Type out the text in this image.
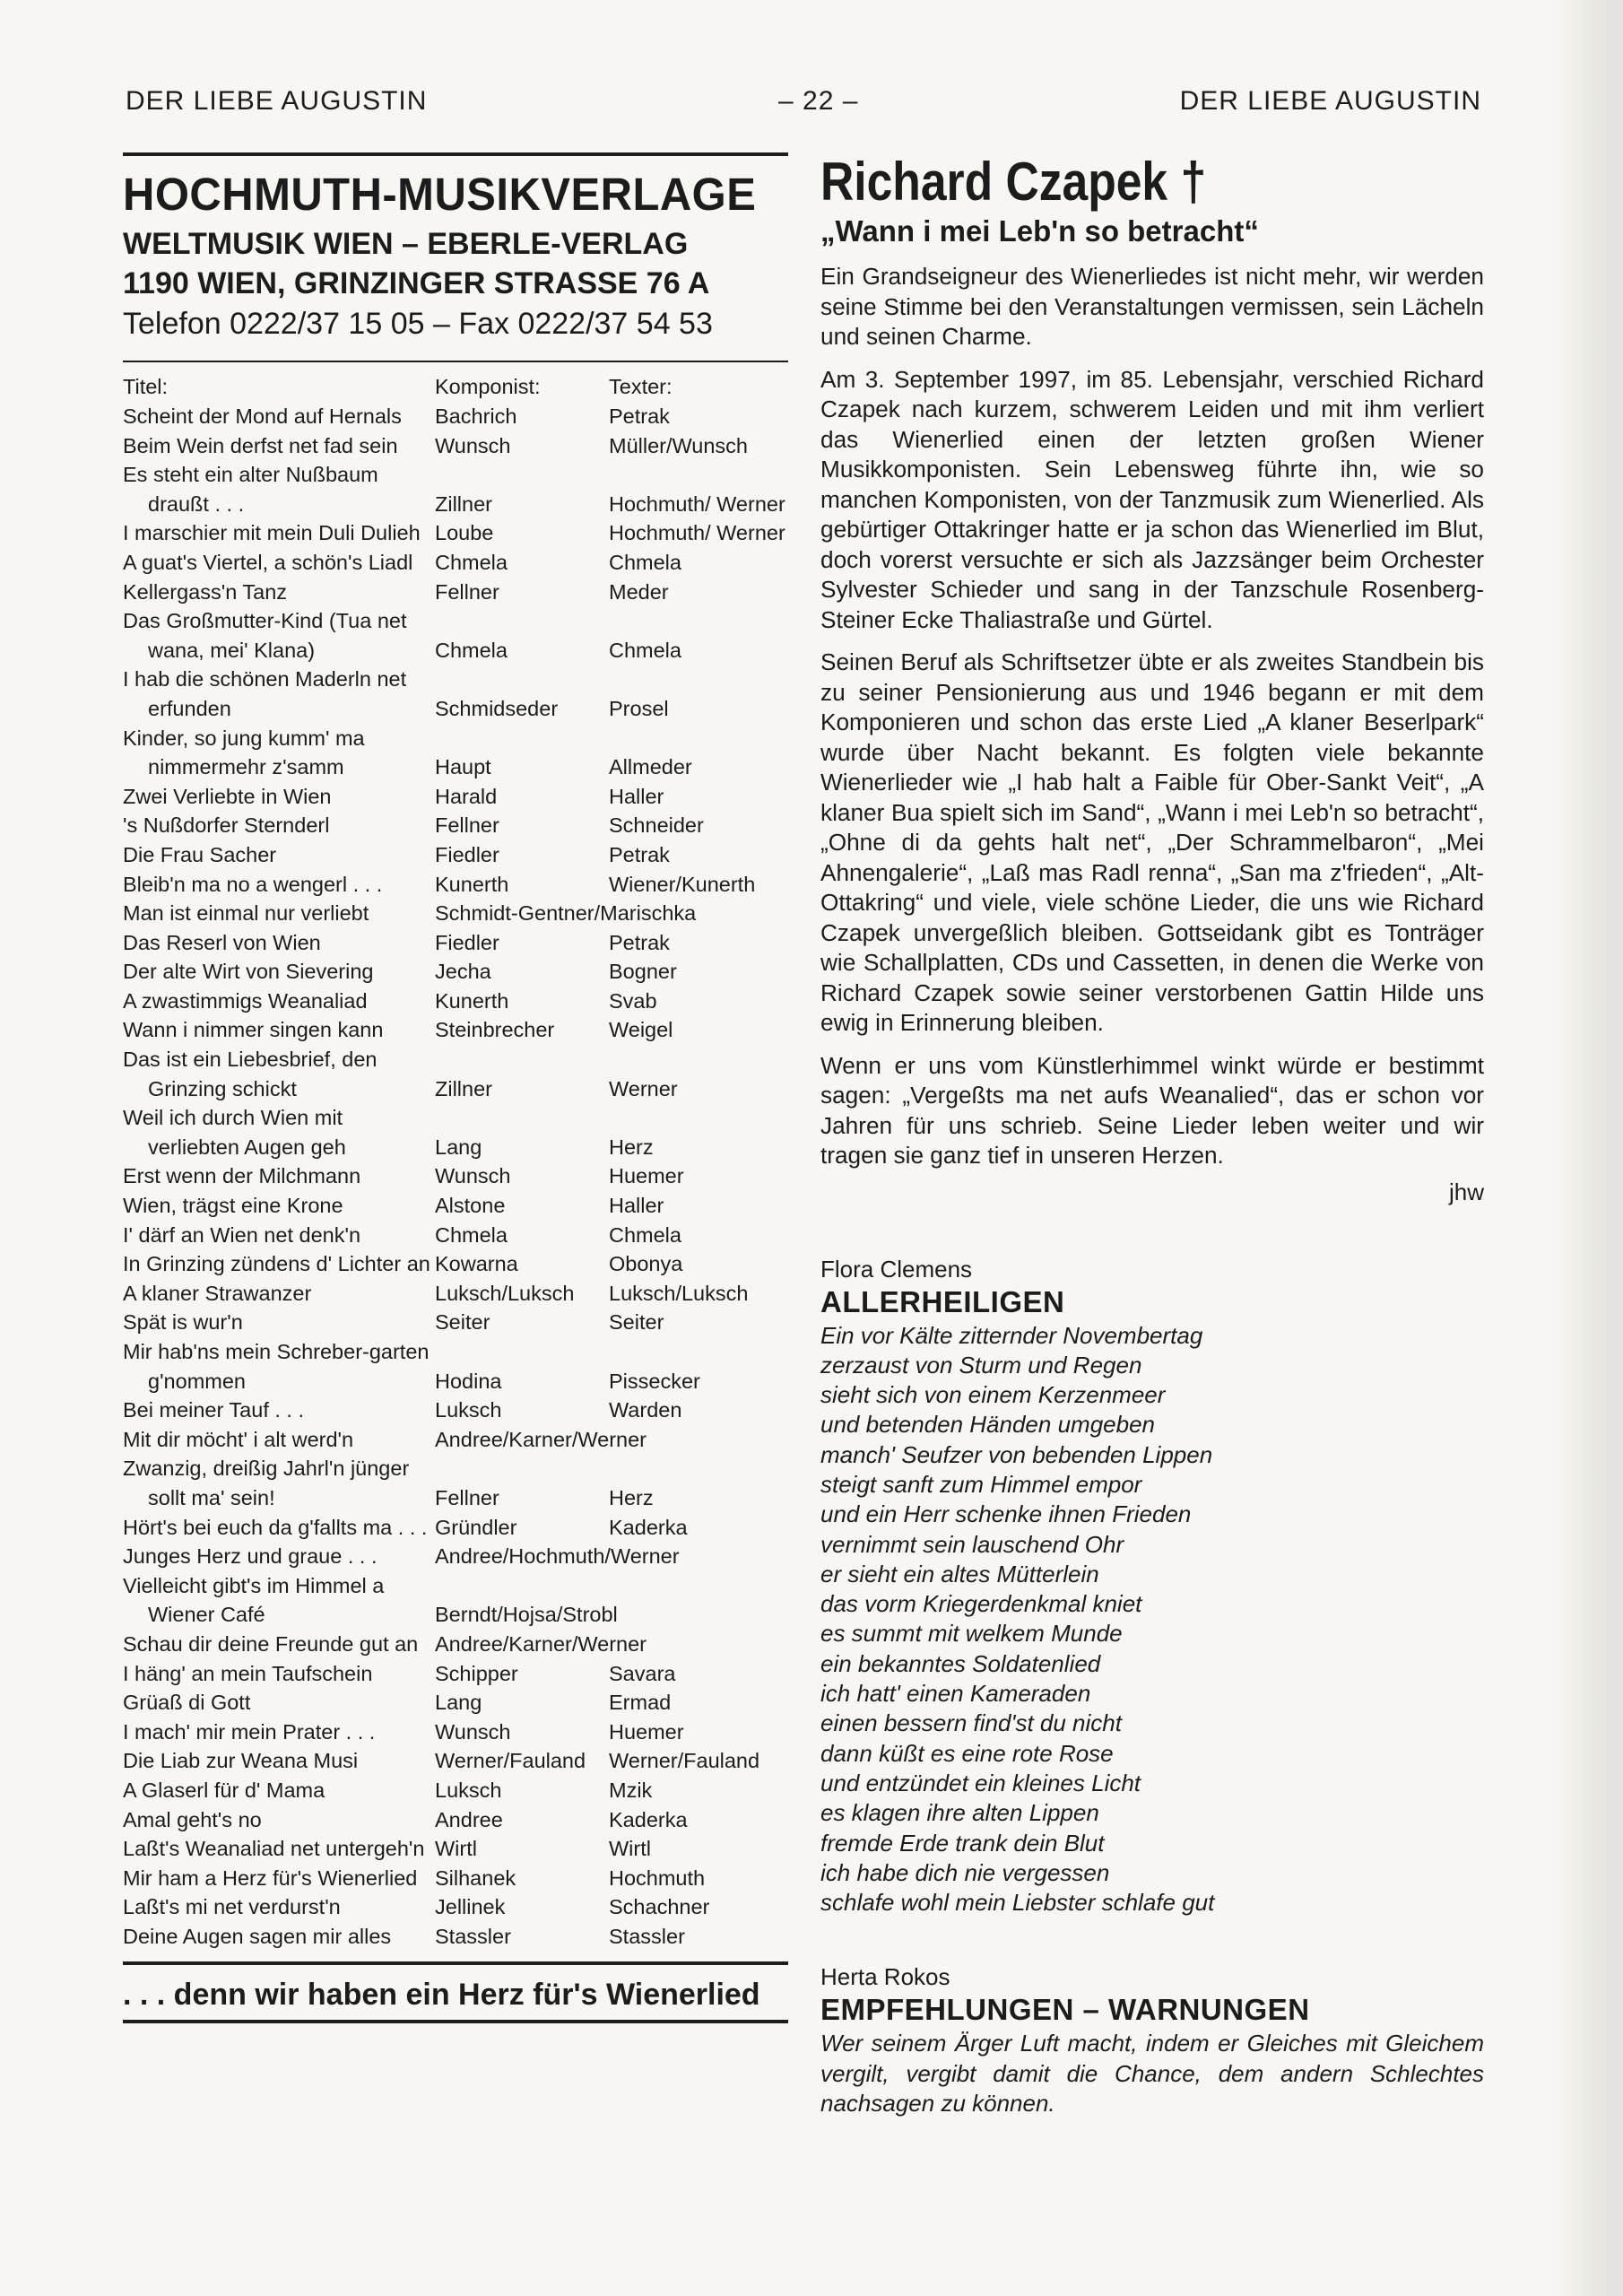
DER LIEBE AUGUSTIN	– 22 –	DER LIEBE AUGUSTIN
HOCHMUTH-MUSIKVERLAGE
WELTMUSIK WIEN – EBERLE-VERLAG
1190 WIEN, GRINZINGER STRASSE 76 A
Telefon 0222/37 15 05 – Fax 0222/37 54 53
Titel:	Komponist:	Texter:

Scheint der Mond auf Hernals	Bachrich	Petrak

Beim Wein derfst net fad sein	Wunsch	Müller/Wunsch

Es steht ein alter Nußbaum draußt . . .	Zillner	Hochmuth/ Werner

I marschier mit mein Duli Dulieh	Loube	Hochmuth/ Werner

A guat's Viertel, a schön's Liadl	Chmela	Chmela

Kellergass'n Tanz	Fellner	Meder

Das Großmutter-Kind (Tua net wana, mei' Klana)	Chmela	Chmela

I hab die schönen Maderln net erfunden	Schmidseder	Prosel

Kinder, so jung kumm' ma nimmermehr z'samm	Haupt	Allmeder

Zwei Verliebte in Wien	Harald	Haller

's Nußdorfer Sternderl	Fellner	Schneider

Die Frau Sacher	Fiedler	Petrak

Bleib'n ma no a wengerl . . .	Kunerth	Wiener/Kunerth

Man ist einmal nur verliebt	Schmidt-Gentner/Marischka	

Das Reserl von Wien	Fiedler	Petrak

Der alte Wirt von Sievering	Jecha	Bogner

A zwastimmigs Weanaliad	Kunerth	Svab

Wann i nimmer singen kann	Steinbrecher	Weigel

Das ist ein Liebesbrief, den Grinzing schickt	Zillner	Werner

Weil ich durch Wien mit verliebten Augen geh	Lang	Herz

Erst wenn der Milchmann	Wunsch	Huemer

Wien, trägst eine Krone	Alstone	Haller

I' därf an Wien net denk'n	Chmela	Chmela

In Grinzing zündens d' Lichter an	Kowarna	Obonya

A klaner Strawanzer	Luksch/Luksch	Luksch/Luksch

Spät is wur'n	Seiter	Seiter

Mir hab'ns mein Schreber-garten g'nommen	Hodina	Pissecker

Bei meiner Tauf . . .	Luksch	Warden

Mit dir möcht' i alt werd'n	Andree/Karner/Werner	

Zwanzig, dreißig Jahrl'n jünger sollt ma' sein!	Fellner	Herz

Hört's bei euch da g'fallts ma . . .	Gründler	Kaderka

Junges Herz und graue . . .	Andree/Hochmuth/Werner	

Vielleicht gibt's im Himmel a Wiener Café	Berndt/Hojsa/Strobl	

Schau dir deine Freunde gut an	Andree/Karner/Werner	

I häng' an mein Taufschein	Schipper	Savara

Grüaß di Gott	Lang	Ermad

I mach' mir mein Prater . . .	Wunsch	Huemer

Die Liab zur Weana Musi	Werner/Fauland	Werner/Fauland

A Glaserl für d' Mama	Luksch	Mzik

Amal geht's no	Andree	Kaderka

Laßt's Weanaliad net untergeh'n	Wirtl	Wirtl

Mir ham a Herz für's Wienerlied	Silhanek	Hochmuth

Laßt's mi net verdurst'n	Jellinek	Schachner

Deine Augen sagen mir alles	Stassler	Stassler
. . . denn wir haben ein Herz für's Wienerlied
Richard Czapek †
„Wann i mei Leb'n so betracht“

Ein Grandseigneur des Wienerliedes ist nicht mehr, wir werden seine Stimme bei den Veranstaltungen vermissen, sein Lächeln und seinen Charme.

Am 3. September 1997, im 85. Lebensjahr, verschied Richard Czapek nach kurzem, schwerem Leiden und mit ihm verliert das Wienerlied einen der letzten großen Wiener Musikkomponisten. Sein Lebensweg führte ihn, wie so manchen Komponisten, von der Tanzmusik zum Wienerlied. Als gebürtiger Ottakringer hatte er ja schon das Wienerlied im Blut, doch vorerst versuchte er sich als Jazzsänger beim Orchester Sylvester Schieder und sang in der Tanzschule Rosenberg-Steiner Ecke Thaliastraße und Gürtel.

Seinen Beruf als Schriftsetzer übte er als zweites Standbein bis zu seiner Pensionierung aus und 1946 begann er mit dem Komponieren und schon das erste Lied „A klaner Beserlpark“ wurde über Nacht bekannt. Es folgten viele bekannte Wienerlieder wie „I hab halt a Faible für Ober-Sankt Veit“, „A klaner Bua spielt sich im Sand“, „Wann i mei Leb'n so betracht“, „Ohne di da gehts halt net“, „Der Schrammelbaron“, „Mei Ahnengalerie“, „Laß mas Radl renna“, „San ma z'frieden“, „Alt-Ottakring“ und viele, viele schöne Lieder, die uns wie Richard Czapek unvergeßlich bleiben. Gottseidank gibt es Tonträger wie Schallplatten, CDs und Cassetten, in denen die Werke von Richard Czapek sowie seiner verstorbenen Gattin Hilde uns ewig in Erinnerung bleiben.

Wenn er uns vom Künstlerhimmel winkt würde er bestimmt sagen: „Vergeßts ma net aufs Weanalied“, das er schon vor Jahren für uns schrieb. Seine Lieder leben weiter und wir tragen sie ganz tief in unseren Herzen.

jhw
Flora Clemens
ALLERHEILIGEN
Ein vor Kälte zitternder Novembertag
zerzaust von Sturm und Regen
sieht sich von einem Kerzenmeer
und betenden Händen umgeben
manch' Seufzer von bebenden Lippen
steigt sanft zum Himmel empor
und ein Herr schenke ihnen Frieden
vernimmt sein lauschend Ohr
er sieht ein altes Mütterlein
das vorm Kriegerdenkmal kniet
es summt mit welkem Munde
ein bekanntes Soldatenlied
ich hatt' einen Kameraden
einen bessern find'st du nicht
dann küßt es eine rote Rose
und entzündet ein kleines Licht
es klagen ihre alten Lippen
fremde Erde trank dein Blut
ich habe dich nie vergessen
schlafe wohl mein Liebster schlafe gut
Herta Rokos
EMPFEHLUNGEN – WARNUNGEN
Wer seinem Ärger Luft macht, indem er Gleiches mit Gleichem vergilt, vergibt damit die Chance, dem andern Schlechtes nachsagen zu können.
